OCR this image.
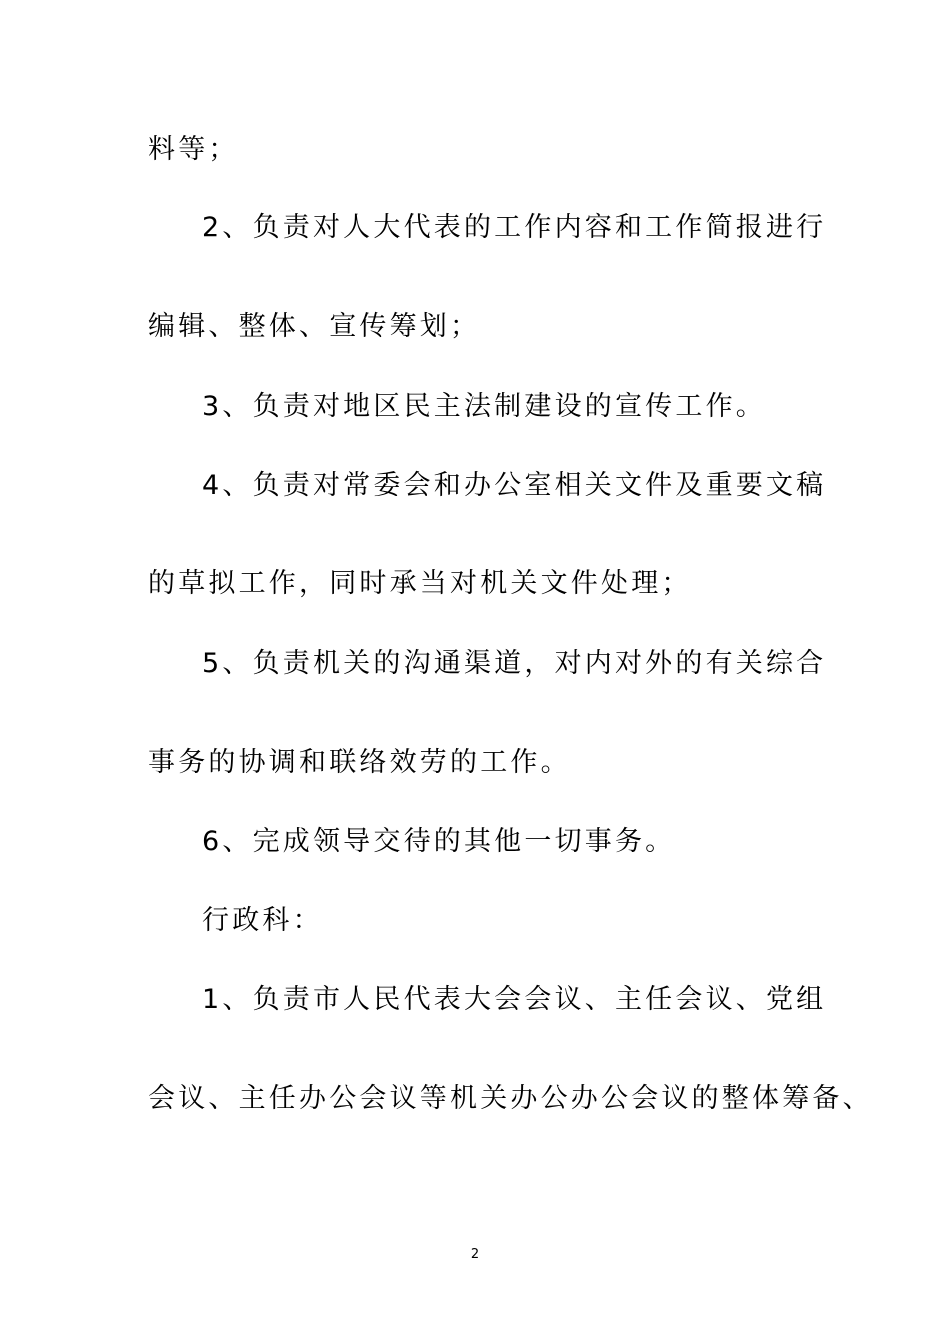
料等；
2、负责对人大代表的工作内容和工作简报进行
编辑、整体、宣传筹划；
3、负责对地区民主法制建设的宣传工作。
4、负责对常委会和办公室相关文件及重要文稿
的草拟工作，同时承当对机关文件处理；
5、负责机关的沟通渠道，对内对外的有关综合
事务的协调和联络效劳的工作。
6、完成领导交待的其他一切事务。
行政科：
1、负责市人民代表大会会议、主任会议、党组
会议、主任办公会议等机关办公办公会议的整体筹备、
2
